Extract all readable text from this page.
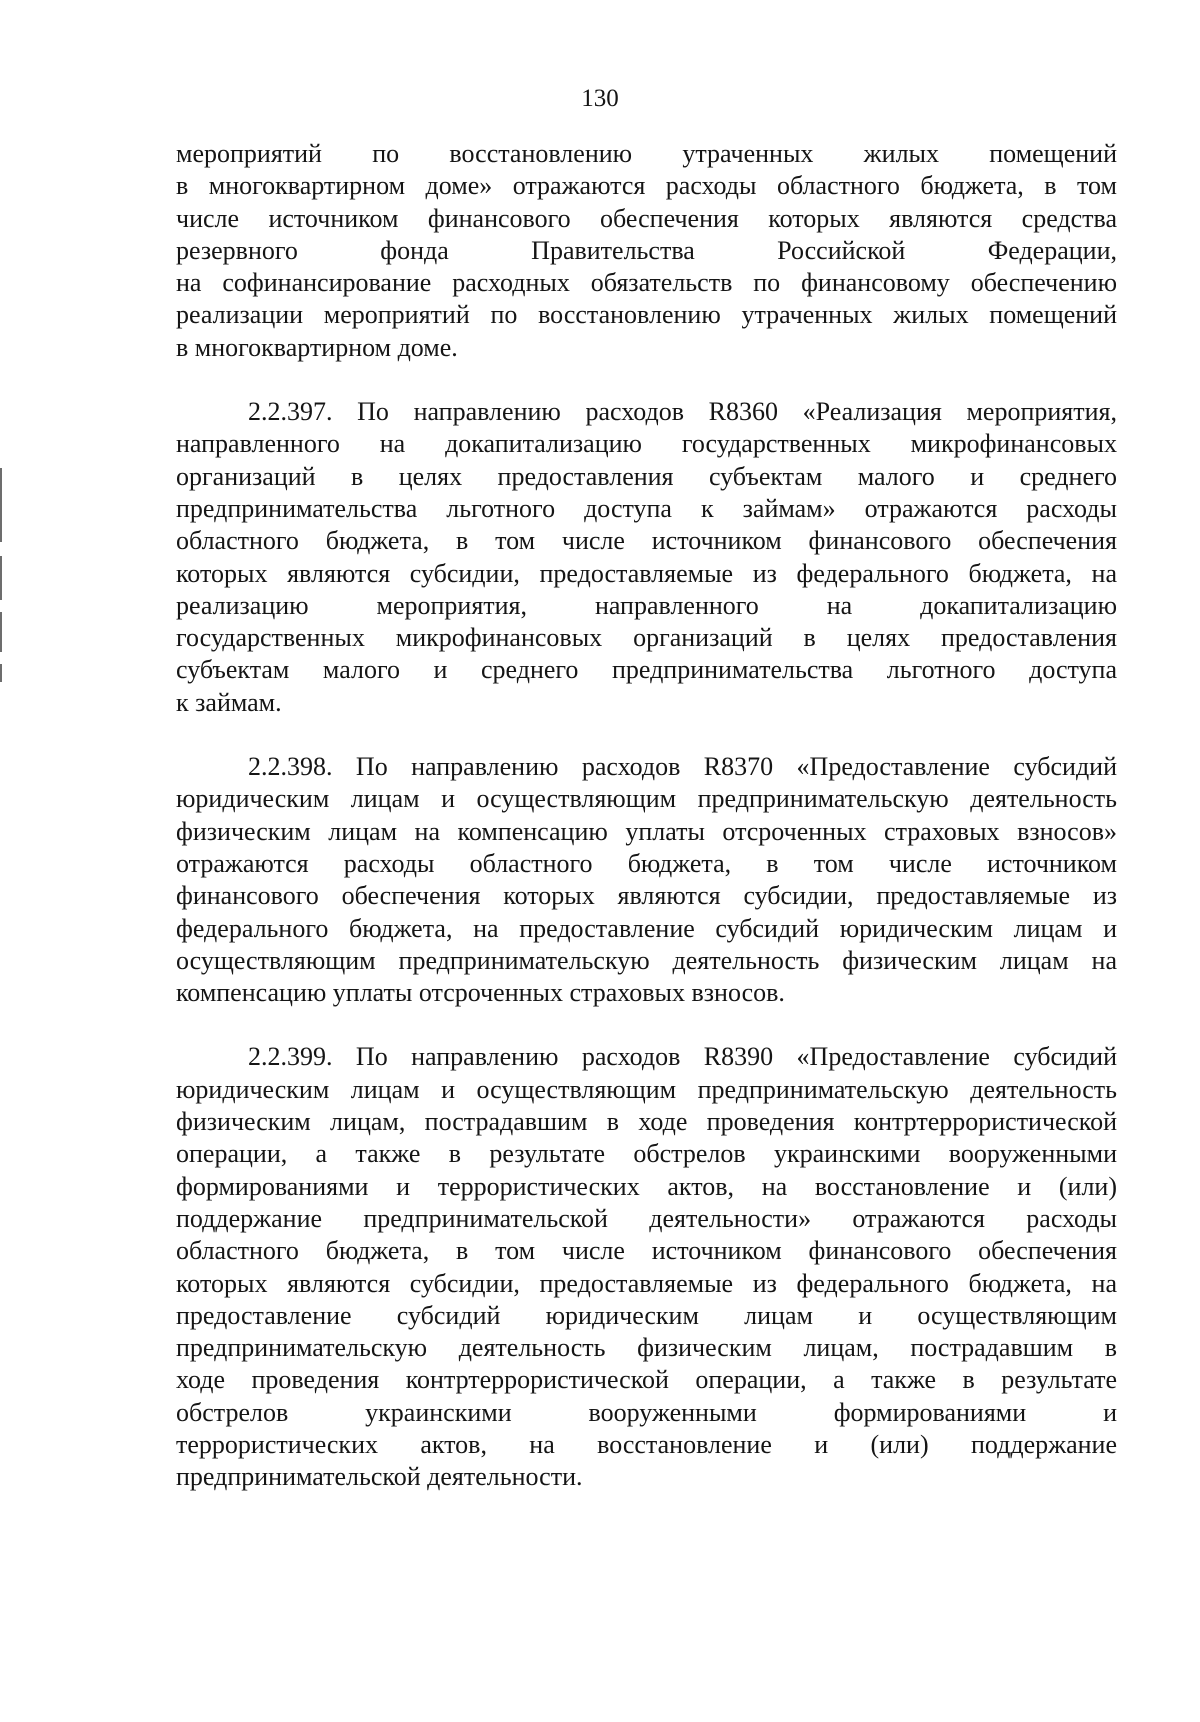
130

мероприятий по восстановлению утраченных жилых помещений
в многоквартирном доме» отражаются расходы областного бюджета, в том
числе источником финансового обеспечения которых являются средства
резервного фонда Правительства Российской Федерации,
на софинансирование расходных обязательств по финансовому обеспечению
реализации мероприятий по восстановлению утраченных жилых помещений
в многоквартирном доме.

2.2.397. По направлению расходов R8360 «Реализация мероприятия,
направленного на докапитализацию государственных микрофинансовых
организаций в целях предоставления субъектам малого и среднего
предпринимательства льготного доступа к займам» отражаются расходы
областного бюджета, в том числе источником финансового обеспечения
которых являются субсидии, предоставляемые из федерального бюджета, на
реализацию мероприятия, направленного на докапитализацию
государственных микрофинансовых организаций в целях предоставления
субъектам малого и среднего предпринимательства льготного доступа
к займам.

2.2.398. По направлению расходов R8370 «Предоставление субсидий
юридическим лицам и осуществляющим предпринимательскую деятельность
физическим лицам на компенсацию уплаты отсроченных страховых взносов»
отражаются расходы областного бюджета, в том числе источником
финансового обеспечения которых являются субсидии, предоставляемые из
федерального бюджета, на предоставление субсидий юридическим лицам и
осуществляющим предпринимательскую деятельность физическим лицам на
компенсацию уплаты отсроченных страховых взносов.

2.2.399. По направлению расходов R8390 «Предоставление субсидий
юридическим лицам и осуществляющим предпринимательскую деятельность
физическим лицам, пострадавшим в ходе проведения контртеррористической
операции, а также в результате обстрелов украинскими вооруженными
формированиями и террористических актов, на восстановление и (или)
поддержание предпринимательской деятельности» отражаются расходы
областного бюджета, в том числе источником финансового обеспечения
которых являются субсидии, предоставляемые из федерального бюджета, на
предоставление субсидий юридическим лицам и осуществляющим
предпринимательскую деятельность физическим лицам, пострадавшим в
ходе проведения контртеррористической операции, а также в результате
обстрелов украинскими вооруженными формированиями и
террористических актов, на восстановление и (или) поддержание
предпринимательской деятельности.
